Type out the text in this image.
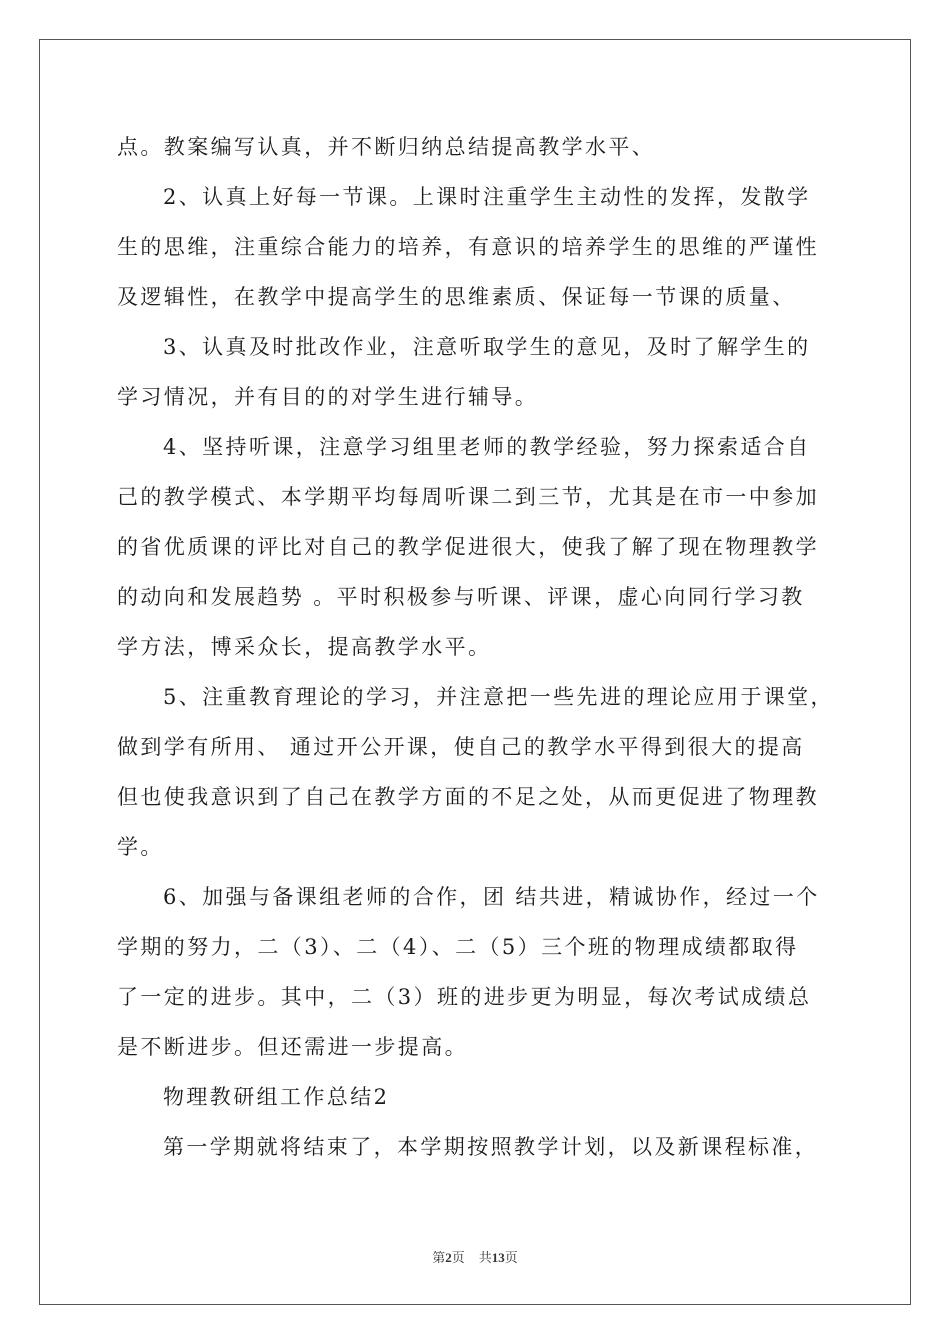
点。教案编写认真，并不断归纳总结提高教学水平、
2、认真上好每一节课。上课时注重学生主动性的发挥，发散学
生的思维，注重综合能力的培养，有意识的培养学生的思维的严谨性
及逻辑性，在教学中提高学生的思维素质、保证每一节课的质量、
3、认真及时批改作业，注意听取学生的意见，及时了解学生的
学习情况，并有目的的对学生进行辅导。
4、坚持听课，注意学习组里老师的教学经验，努力探索适合自
己的教学模式、本学期平均每周听课二到三节，尤其是在市一中参加
的省优质课的评比对自己的教学促进很大，使我了解了现在物理教学
的动向和发展趋势 。平时积极参与听课、评课，虚心向同行学习教
学方法，博采众长，提高教学水平。
5、注重教育理论的学习，并注意把一些先进的理论应用于课堂，
做到学有所用、 通过开公开课，使自己的教学水平得到很大的提高
但也使我意识到了自己在教学方面的不足之处，从而更促进了物理教
学。
6、加强与备课组老师的合作，团 结共进，精诚协作，经过一个
学期的努力，二（3）、二（4）、二（5）三个班的物理成绩都取得
了一定的进步。其中，二（3）班的进步更为明显，每次考试成绩总
是不断进步。但还需进一步提高。
物理教研组工作总结2
第一学期就将结束了，本学期按照教学计划，以及新课程标准，
第2页 共13页
